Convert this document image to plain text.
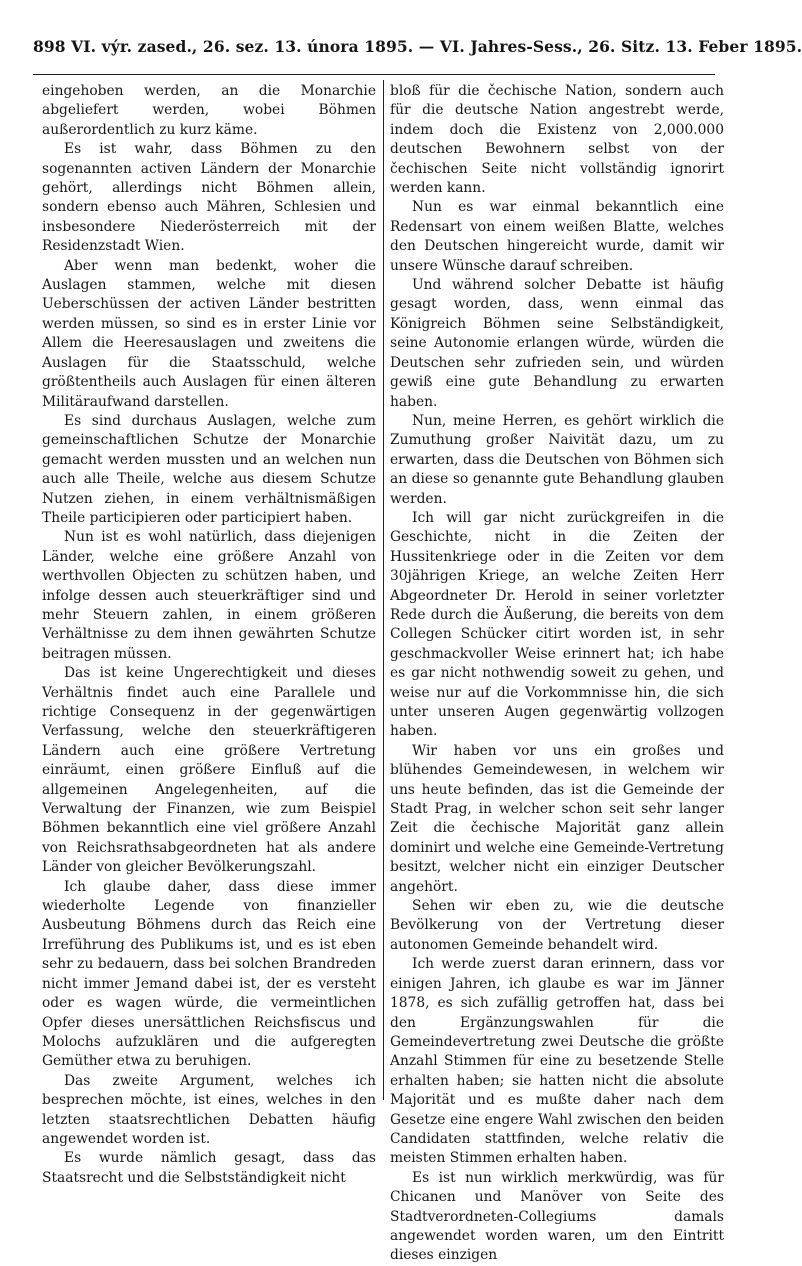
898 VI. výr. zased., 26. sez. 13. února 1895. — VI. Jahres-Sess., 26. Sitz. 13. Feber 1895.

eingehoben werden, an die Monarchie abgeliefert werden, wobei Böhmen außerordentlich zu kurz käme.

Es ist wahr, dass Böhmen zu den sogenannten activen Ländern der Monarchie gehört, allerdings nicht Böhmen allein, sondern ebenso auch Mähren, Schlesien und insbesondere Niederösterreich mit der Residenzstadt Wien.

Aber wenn man bedenkt, woher die Auslagen stammen, welche mit diesen Ueberschüssen der activen Länder bestritten werden müssen, so sind es in erster Linie vor Allem die Heeresauslagen und zweitens die Auslagen für die Staatsschuld, welche größtentheils auch Auslagen für einen älteren Militäraufwand darstellen.

Es sind durchaus Auslagen, welche zum gemeinschaftlichen Schutze der Monarchie gemacht werden mussten und an welchen nun auch alle Theile, welche aus diesem Schutze Nutzen ziehen, in einem verhältnismäßigen Theile participieren oder participiert haben.

Nun ist es wohl natürlich, dass diejenigen Länder, welche eine größere Anzahl von werthvollen Objecten zu schützen haben, und infolge dessen auch steuerkräftiger sind und mehr Steuern zahlen, in einem größeren Verhältnisse zu dem ihnen gewährten Schutze beitragen müssen.

Das ist keine Ungerechtigkeit und dieses Verhältnis findet auch eine Parallele und richtige Consequenz in der gegenwärtigen Verfassung, welche den steuerkräftigeren Ländern auch eine größere Vertretung einräumt, einen größere Einfluß auf die allgemeinen Angelegenheiten, auf die Verwaltung der Finanzen, wie zum Beispiel Böhmen bekanntlich eine viel größere Anzahl von Reichsrathsabgeordneten hat als andere Länder von gleicher Bevölkerungszahl.

Ich glaube daher, dass diese immer wiederholte Legende von finanzieller Ausbeutung Böhmens durch das Reich eine Irreführung des Publikums ist, und es ist eben sehr zu bedauern, dass bei solchen Brandreden nicht immer Jemand dabei ist, der es versteht oder es wagen würde, die vermeintlichen Opfer dieses unersättlichen Reichsfiscus und Molochs aufzuklären und die aufgeregten Gemüther etwa zu beruhigen.

Das zweite Argument, welches ich besprechen möchte, ist eines, welches in den letzten staatsrechtlichen Debatten häufig angewendet worden ist.

Es wurde nämlich gesagt, dass das Staatsrecht und die Selbstständigkeit nicht

bloß für die čechische Nation, sondern auch für die deutsche Nation angestrebt werde, indem doch die Existenz von 2,000.000 deutschen Bewohnern selbst von der čechischen Seite nicht vollständig ignorirt werden kann.

Nun es war einmal bekanntlich eine Redensart von einem weißen Blatte, welches den Deutschen hingereicht wurde, damit wir unsere Wünsche darauf schreiben.

Und während solcher Debatte ist häufig gesagt worden, dass, wenn einmal das Königreich Böhmen seine Selbständigkeit, seine Autonomie erlangen würde, würden die Deutschen sehr zufrieden sein, und würden gewiß eine gute Behandlung zu erwarten haben.

Nun, meine Herren, es gehört wirklich die Zumuthung großer Naivität dazu, um zu erwarten, dass die Deutschen von Böhmen sich an diese so genannte gute Behandlung glauben werden.

Ich will gar nicht zurückgreifen in die Geschichte, nicht in die Zeiten der Hussitenkriege oder in die Zeiten vor dem 30jährigen Kriege, an welche Zeiten Herr Abgeordneter Dr. Herold in seiner vorletzter Rede durch die Äußerung, die bereits von dem Collegen Schücker citirt worden ist, in sehr geschmackvoller Weise erinnert hat; ich habe es gar nicht nothwendig soweit zu gehen, und weise nur auf die Vorkommnisse hin, die sich unter unseren Augen gegenwärtig vollzogen haben.

Wir haben vor uns ein großes und blühendes Gemeindewesen, in welchem wir uns heute befinden, das ist die Gemeinde der Stadt Prag, in welcher schon seit sehr langer Zeit die čechische Majorität ganz allein dominirt und welche eine Gemeinde-Vertretung besitzt, welcher nicht ein einziger Deutscher angehört.

Sehen wir eben zu, wie die deutsche Bevölkerung von der Vertretung dieser autonomen Gemeinde behandelt wird.

Ich werde zuerst daran erinnern, dass vor einigen Jahren, ich glaube es war im Jänner 1878, es sich zufällig getroffen hat, dass bei den Ergänzungswahlen für die Gemeindevertretung zwei Deutsche die größte Anzahl Stimmen für eine zu besetzende Stelle erhalten haben; sie hatten nicht die absolute Majorität und es mußte daher nach dem Gesetze eine engere Wahl zwischen den beiden Candidaten stattfinden, welche relativ die meisten Stimmen erhalten haben.

Es ist nun wirklich merkwürdig, was für Chicanen und Manöver von Seite des Stadtverordneten-Collegiums damals angewendet worden waren, um den Eintritt dieses einzigen
